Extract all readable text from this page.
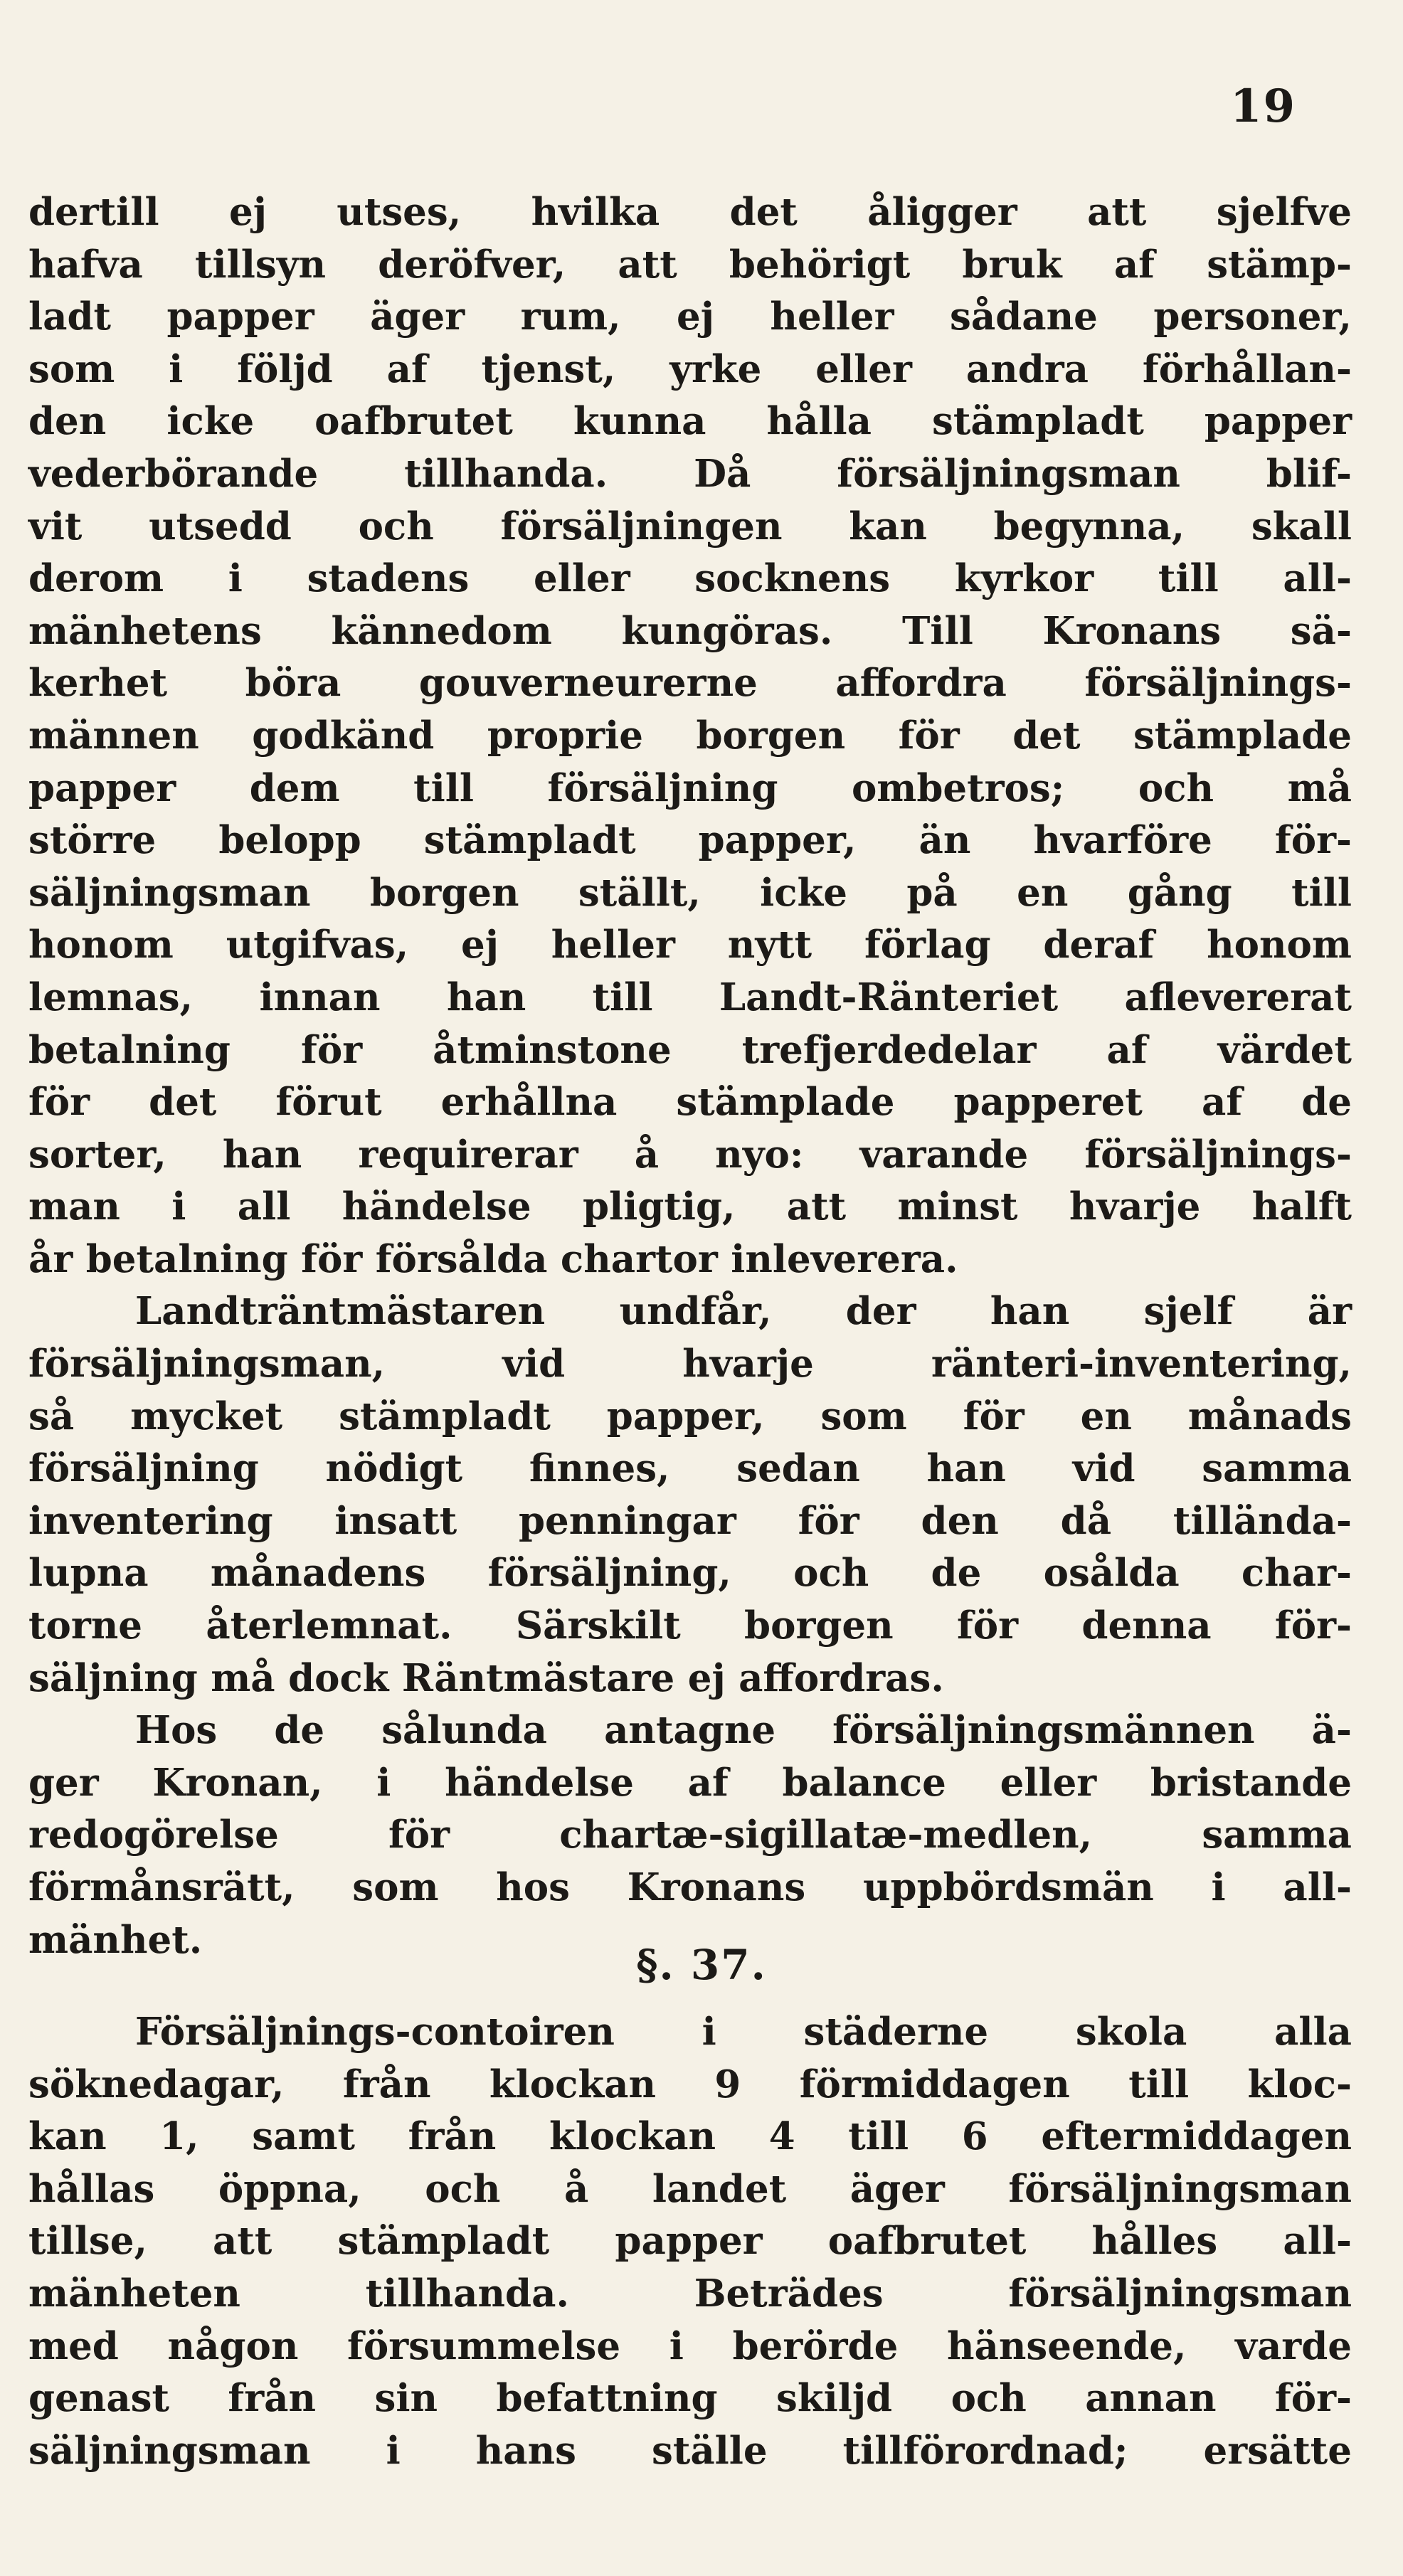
19
dertill ej utses, hvilka det åligger att sjelfve
hafva tillsyn deröfver, att behörigt bruk af stämp-
ladt papper äger rum, ej heller sådane personer,
som i följd af tjenst, yrke eller andra förhållan-
den icke oafbrutet kunna hålla stämpladt papper
vederbörande tillhanda. Då försäljningsman blif-
vit utsedd och försäljningen kan begynna, skall
derom i stadens eller socknens kyrkor till all-
mänhetens kännedom kungöras. Till Kronans sä-
kerhet böra gouverneurerne affordra försäljnings-
männen godkänd proprie borgen för det stämplade
papper dem till försäljning ombetros; och må
större belopp stämpladt papper, än hvarföre för-
säljningsman borgen ställt, icke på en gång till
honom utgifvas, ej heller nytt förlag deraf honom
lemnas, innan han till Landt-Ränteriet aflevererat
betalning för åtminstone trefjerdedelar af värdet
för det förut erhållna stämplade papperet af de
sorter, han requirerar å nyo: varande försäljnings-
man i all händelse pligtig, att minst hvarje halft
år betalning för försålda chartor inleverera.
Landträntmästaren undfår, der han sjelf är
försäljningsman, vid hvarje ränteri-inventering,
så mycket stämpladt papper, som för en månads
försäljning nödigt finnes, sedan han vid samma
inventering insatt penningar för den då tillända-
lupna månadens försäljning, och de osålda char-
torne återlemnat. Särskilt borgen för denna för-
säljning må dock Räntmästare ej affordras.
Hos de sålunda antagne försäljningsmännen ä-
ger Kronan, i händelse af balance eller bristande
redogörelse för chartæ-sigillatæ-medlen, samma
förmånsrätt, som hos Kronans uppbördsmän i all-
mänhet.
§. 37.
Försäljnings-contoiren i städerne skola alla
söknedagar, från klockan 9 förmiddagen till kloc-
kan 1, samt från klockan 4 till 6 eftermiddagen
hållas öppna, och å landet äger försäljningsman
tillse, att stämpladt papper oafbrutet hålles all-
mänheten tillhanda. Beträdes försäljningsman
med någon försummelse i berörde hänseende, varde
genast från sin befattning skiljd och annan för-
säljningsman i hans ställe tillförordnad; ersätte
